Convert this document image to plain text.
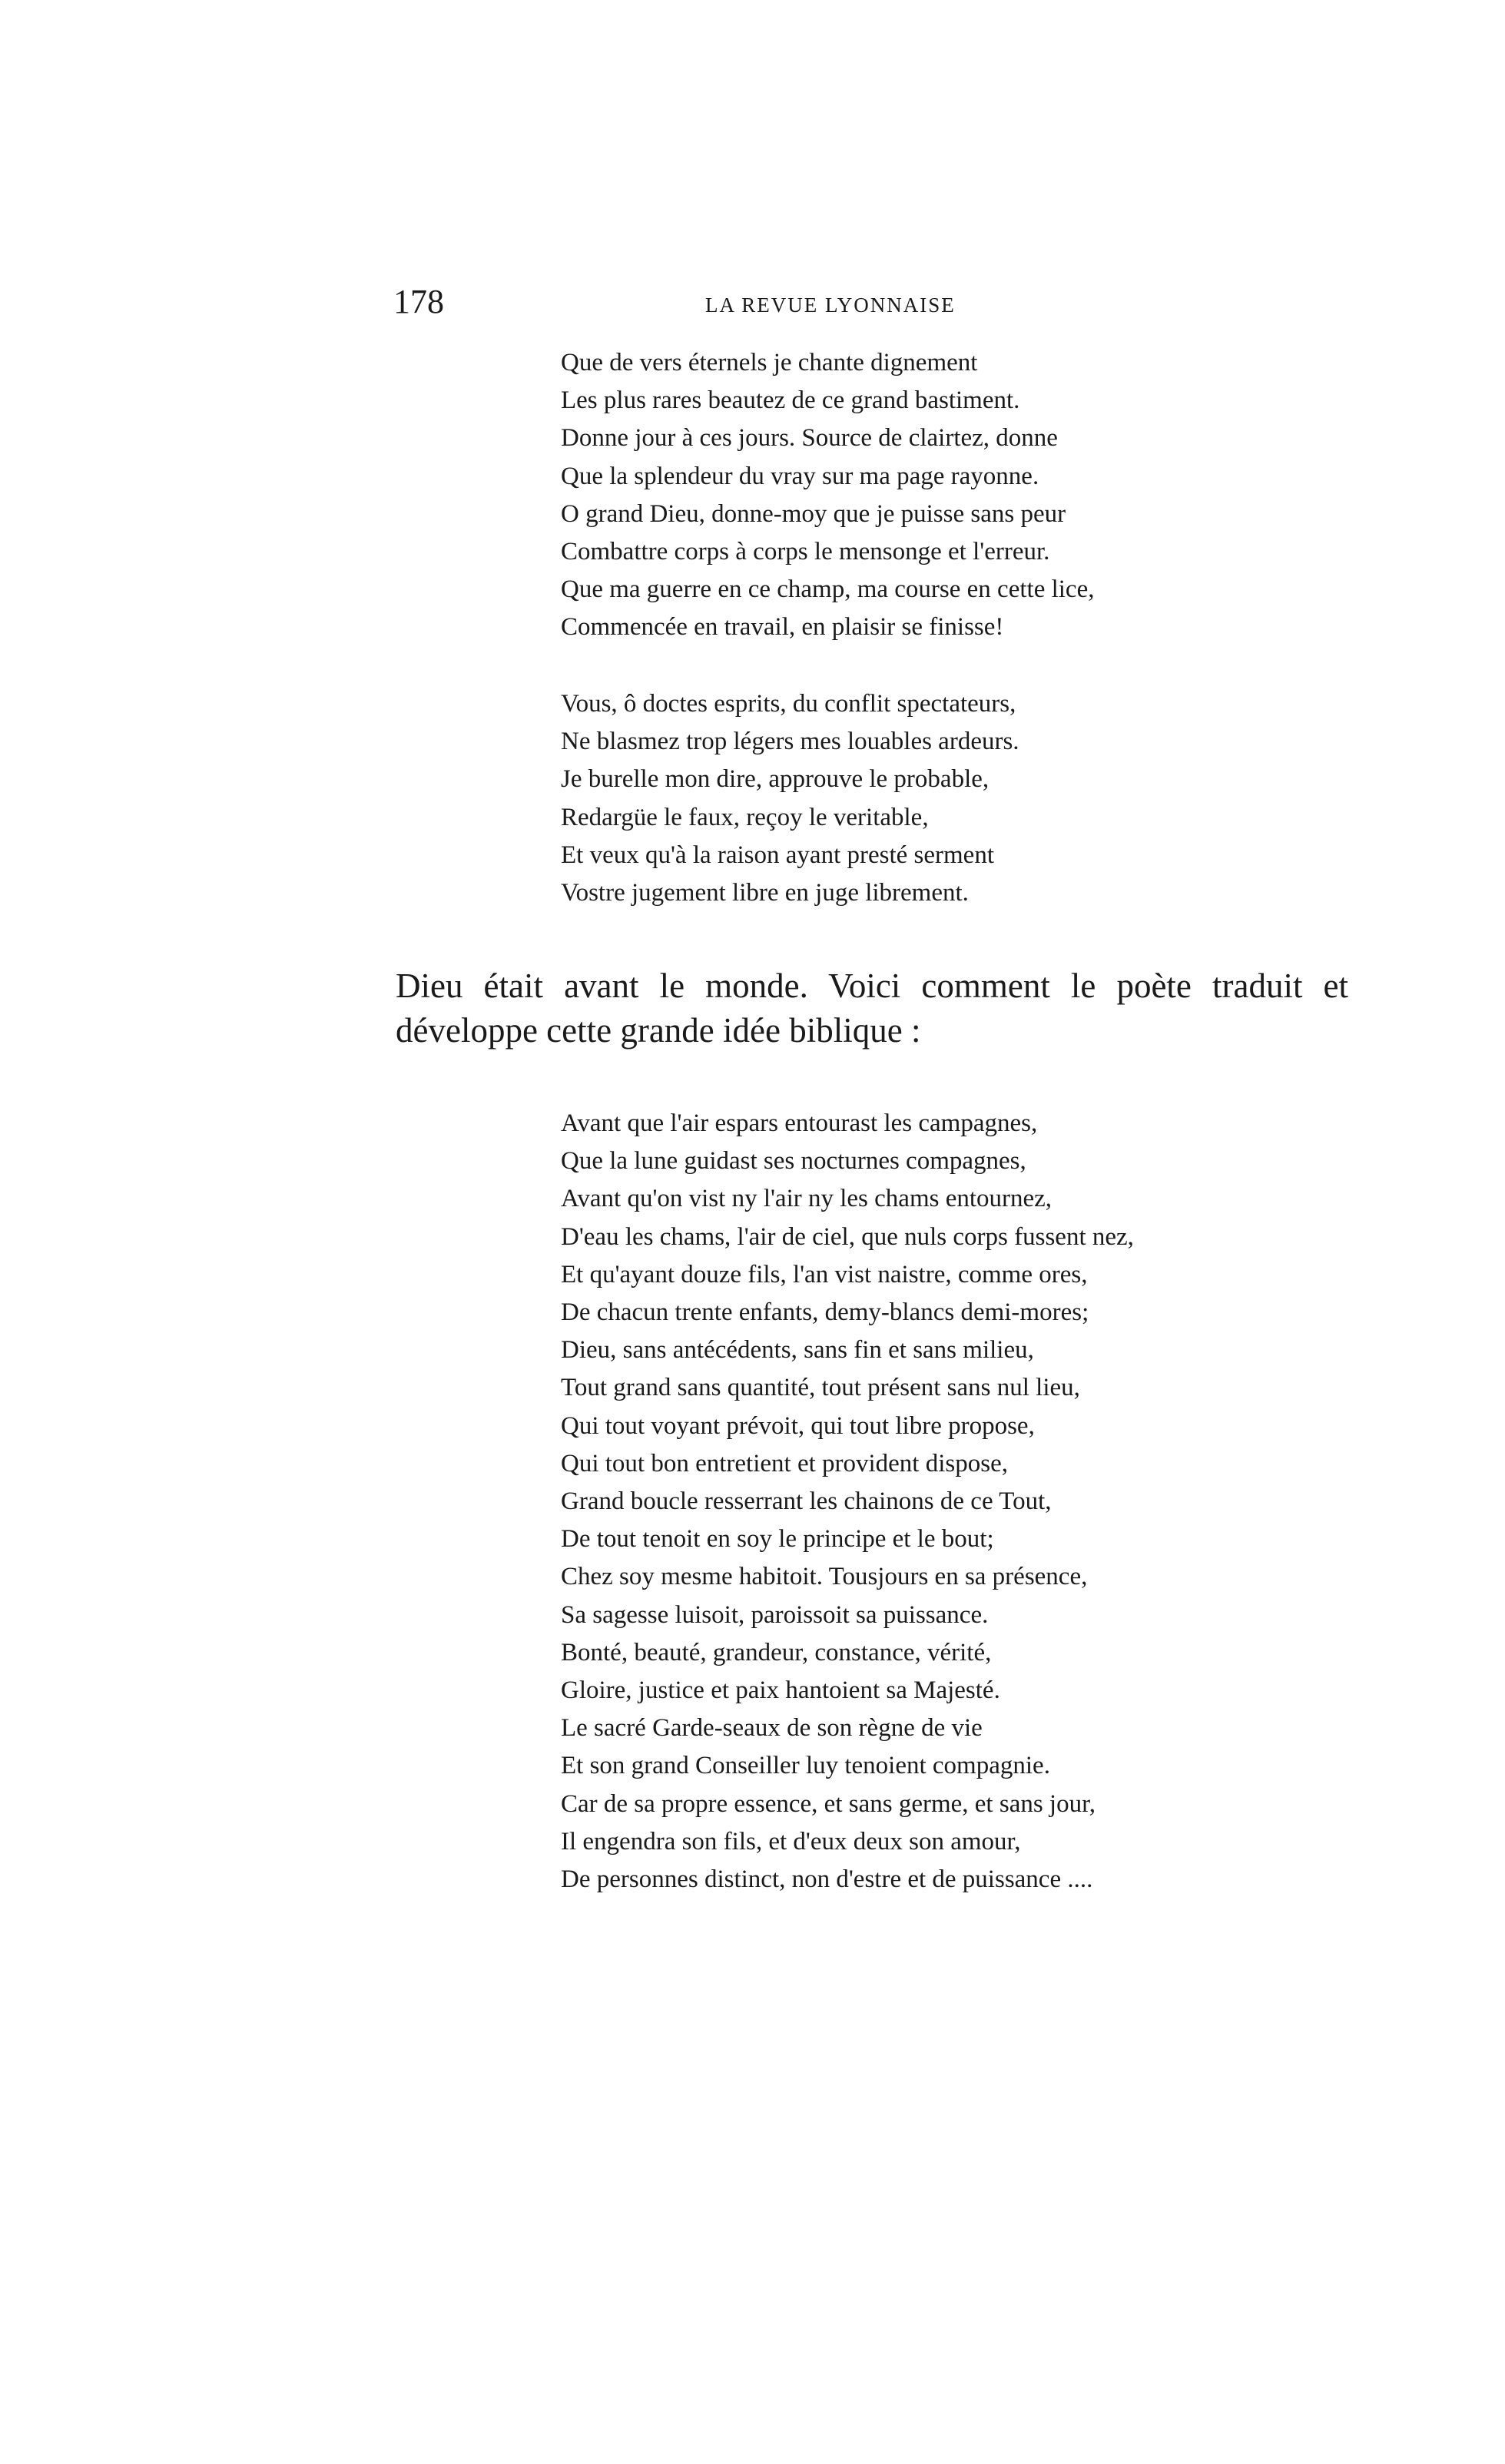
178	LA REVUE LYONNAISE

Que de vers éternels je chante dignement
Les plus rares beautez de ce grand bastiment.
Donne jour à ces jours. Source de clairtez, donne
Que la splendeur du vray sur ma page rayonne.
O grand Dieu, donne-moy que je puisse sans peur
Combattre corps à corps le mensonge et l'erreur.
Que ma guerre en ce champ, ma course en cette lice,
Commencée en travail, en plaisir se finisse!
Vous, ô doctes esprits, du conflit spectateurs,
Ne blasmez trop légers mes louables ardeurs.
Je burelle mon dire, approuve le probable,
Redargüe le faux, reçoy le veritable,
Et veux qu'à la raison ayant presté serment
Vostre jugement libre en juge librement.

Dieu était avant le monde. Voici comment le poète traduit et développe cette grande idée biblique :

Avant que l'air espars entourast les campagnes,
Que la lune guidast ses nocturnes compagnes,
Avant qu'on vist ny l'air ny les chams entournez,
D'eau les chams, l'air de ciel, que nuls corps fussent nez,
Et qu'ayant douze fils, l'an vist naistre, comme ores,
De chacun trente enfants, demy-blancs demi-mores;
Dieu, sans antécédents, sans fin et sans milieu,
Tout grand sans quantité, tout présent sans nul lieu,
Qui tout voyant prévoit, qui tout libre propose,
Qui tout bon entretient et provident dispose,
Grand boucle resserrant les chainons de ce Tout,
De tout tenoit en soy le principe et le bout;
Chez soy mesme habitoit. Tousjours en sa présence,
Sa sagesse luisoit, paroissoit sa puissance.
Bonté, beauté, grandeur, constance, vérité,
Gloire, justice et paix hantoient sa Majesté.
Le sacré Garde-seaux de son règne de vie
Et son grand Conseiller luy tenoient compagnie.
Car de sa propre essence, et sans germe, et sans jour,
Il engendra son fils, et d'eux deux son amour,
De personnes distinct, non d'estre et de puissance ....
